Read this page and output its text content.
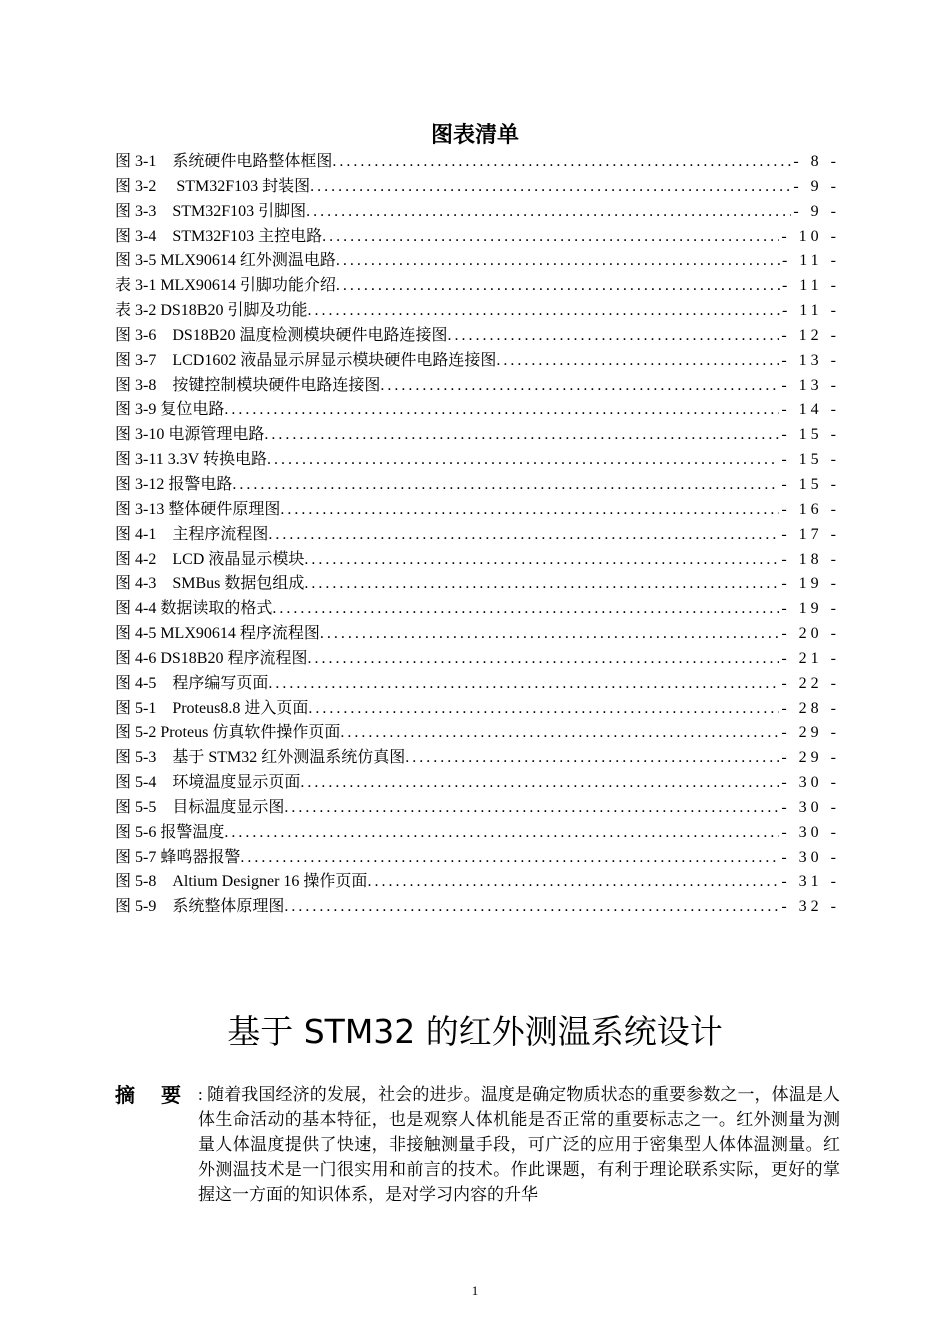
图表清单
图 3-1　系统硬件电路整体框图 .....	- 8 -
图 3-2　 STM32F103 封装图 .....	- 9 -
图 3-3　STM32F103 引脚图 .....	- 9 -
图 3-4　STM32F103 主控电路 .....	- 10 -
图 3-5 MLX90614 红外测温电路 .....	- 11 -
表 3-1 MLX90614 引脚功能介绍 .....	- 11 -
表 3-2 DS18B20 引脚及功能 .....	- 11 -
图 3-6　DS18B20 温度检测模块硬件电路连接图 .....	- 12 -
图 3-7　LCD1602 液晶显示屏显示模块硬件电路连接图 .....	- 13 -
图 3-8　按键控制模块硬件电路连接图 .....	- 13 -
图 3-9 复位电路 .....	- 14 -
图 3-10 电源管理电路 .....	- 15 -
图 3-11 3.3V 转换电路 .....	- 15 -
图 3-12 报警电路 .....	- 15 -
图 3-13 整体硬件原理图 .....	- 16 -
图 4-1　主程序流程图 .....	- 17 -
图 4-2　LCD 液晶显示模块 .....	- 18 -
图 4-3　SMBus 数据包组成 .....	- 19 -
图 4-4 数据读取的格式 .....	- 19 -
图 4-5 MLX90614 程序流程图 .....	- 20 -
图 4-6 DS18B20 程序流程图 .....	- 21 -
图 4-5　程序编写页面 .....	- 22 -
图 5-1　Proteus8.8 进入页面 .....	- 28 -
图 5-2 Proteus 仿真软件操作页面 .....	- 29 -
图 5-3　基于 STM32 红外测温系统仿真图 .....	- 29 -
图 5-4　环境温度显示页面 .....	- 30 -
图 5-5　目标温度显示图 .....	- 30 -
图 5-6 报警温度 .....	- 30 -
图 5-7 蜂鸣器报警 .....	- 30 -
图 5-8　Altium Designer 16 操作页面 .....	- 31 -
图 5-9　系统整体原理图 .....	- 32 -
基于 STM32 的红外测温系统设计
摘要
: 随着我国经济的发展，社会的进步。温度是确定物质状态的重要参数之一，体温是人体生命活动的基本特征，也是观察人体机能是否正常的重要标志之一。红外测量为测量人体温度提供了快速，非接触测量手段，可广泛的应用于密集型人体体温测量。红外测温技术是一门很实用和前言的技术。作此课题，有利于理论联系实际，更好的掌握这一方面的知识体系，是对学习内容的升华
1
